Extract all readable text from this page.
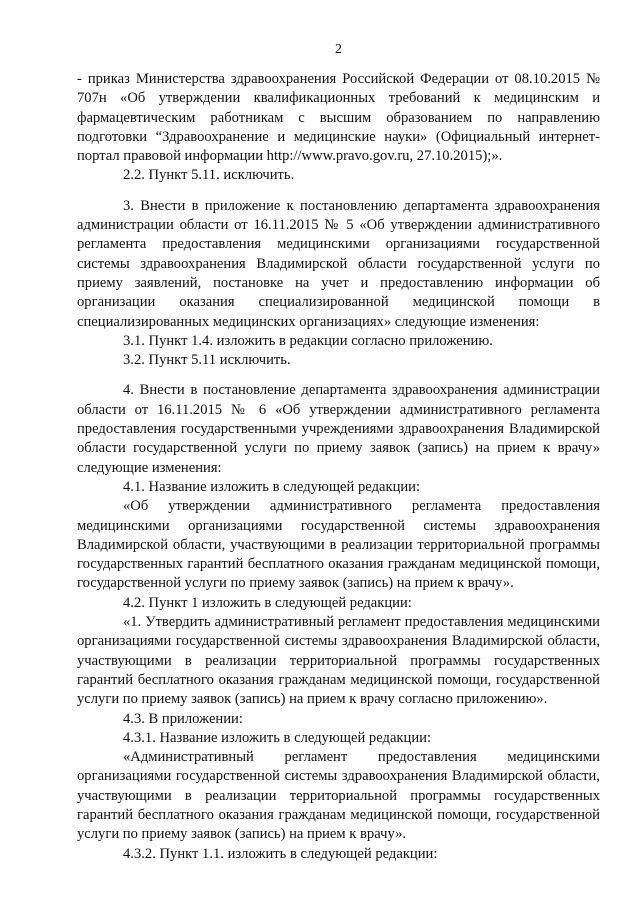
2

- приказ Министерства здравоохранения Российской Федерации от 08.10.2015 № 707н «Об утверждении квалификационных требований к медицинским и фармацевтическим работникам с высшим образованием по направлению подготовки “Здравоохранение и медицинские науки» (Официальный интернет-портал правовой информации http://www.pravo.gov.ru, 27.10.2015);».

2.2. Пункт 5.11. исключить.

3. Внести в приложение к постановлению департамента здравоохранения администрации области от 16.11.2015 № 5 «Об утверждении административного регламента предоставления медицинскими организациями государственной системы здравоохранения Владимирской области государственной услуги по приему заявлений, постановке на учет и предоставлению информации об организации оказания специализированной медицинской помощи в специализированных медицинских организациях» следующие изменения:

3.1. Пункт 1.4. изложить в редакции согласно приложению.

3.2. Пункт 5.11 исключить.

4. Внести в постановление департамента здравоохранения администрации области от 16.11.2015 № 6 «Об утверждении административного регламента предоставления государственными учреждениями здравоохранения Владимирской области государственной услуги по приему заявок (запись) на прием к врачу» следующие изменения:

4.1. Название изложить в следующей редакции:

«Об утверждении административного регламента предоставления медицинскими организациями государственной системы здравоохранения Владимирской области, участвующими в реализации территориальной программы государственных гарантий бесплатного оказания гражданам медицинской помощи, государственной услуги по приему заявок (запись) на прием к врачу».

4.2. Пункт 1 изложить в следующей редакции:

«1. Утвердить административный регламент предоставления медицинскими организациями государственной системы здравоохранения Владимирской области, участвующими в реализации территориальной программы государственных гарантий бесплатного оказания гражданам медицинской помощи, государственной услуги по приему заявок (запись) на прием к врачу согласно приложению».

4.3. В приложении:

4.3.1. Название изложить в следующей редакции:

«Административный регламент предоставления медицинскими организациями государственной системы здравоохранения Владимирской области, участвующими в реализации территориальной программы государственных гарантий бесплатного оказания гражданам медицинской помощи, государственной услуги по приему заявок (запись) на прием к врачу».

4.3.2. Пункт 1.1. изложить в следующей редакции:
